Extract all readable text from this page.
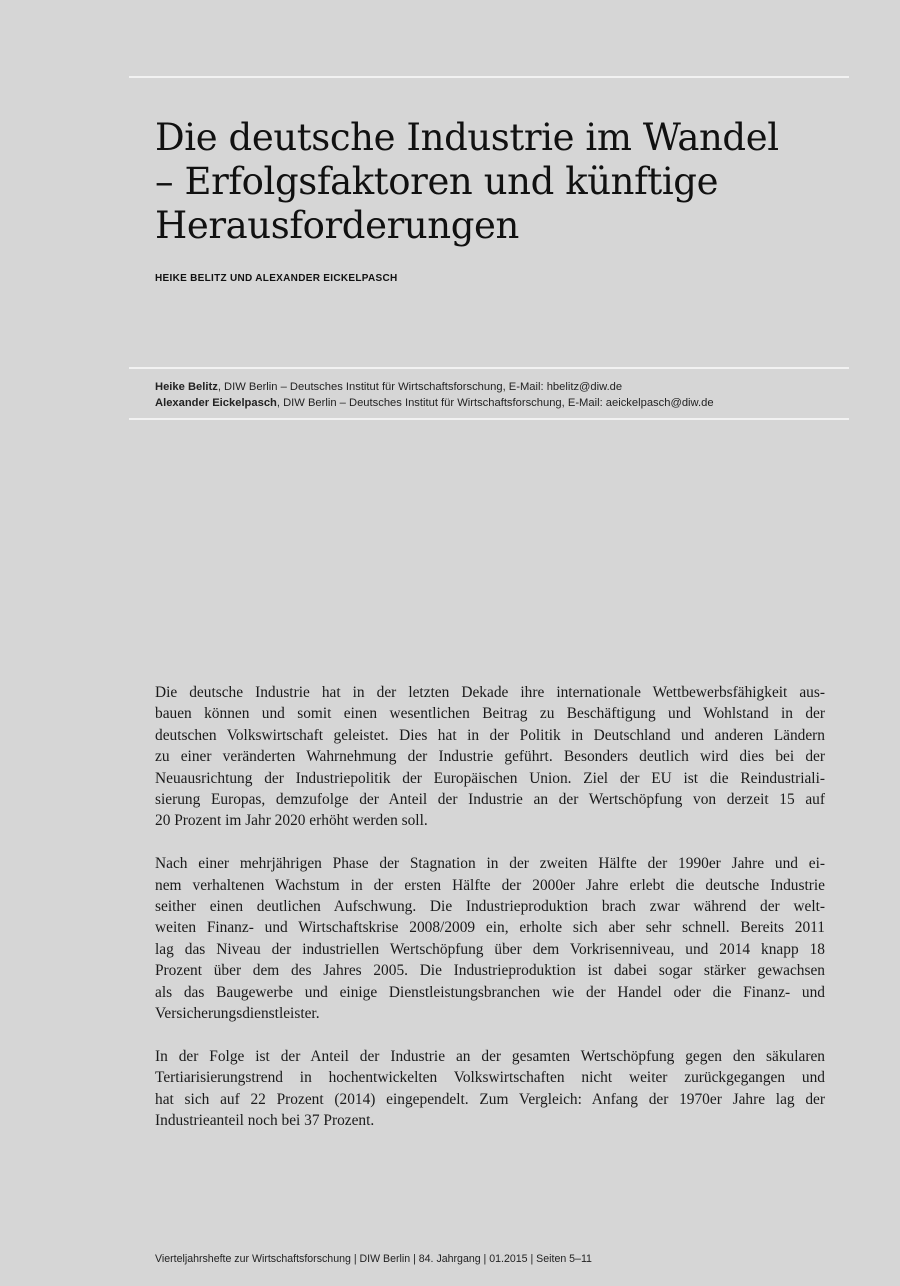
Die deutsche Industrie im Wandel
– Erfolgsfaktoren und künftige
Herausforderungen

HEIKE BELITZ UND ALEXANDER EICKELPASCH

Heike Belitz, DIW Berlin – Deutsches Institut für Wirtschaftsforschung, E-Mail: hbelitz@diw.de
Alexander Eickelpasch, DIW Berlin – Deutsches Institut für Wirtschaftsforschung, E-Mail: aeickelpasch@diw.de

Die deutsche Industrie hat in der letzten Dekade ihre internationale Wettbewerbsfähigkeit aus-
bauen können und somit einen wesentlichen Beitrag zu Beschäftigung und Wohlstand in der
deutschen Volkswirtschaft geleistet. Dies hat in der Politik in Deutschland und anderen Ländern
zu einer veränderten Wahrnehmung der Industrie geführt. Besonders deutlich wird dies bei der
Neuausrichtung der Industriepolitik der Europäischen Union. Ziel der EU ist die Reindustriali-
sierung Europas, demzufolge der Anteil der Industrie an der Wertschöpfung von derzeit 15 auf
20 Prozent im Jahr 2020 erhöht werden soll.

Nach einer mehrjährigen Phase der Stagnation in der zweiten Hälfte der 1990er Jahre und ei-
nem verhaltenen Wachstum in der ersten Hälfte der 2000er Jahre erlebt die deutsche Industrie
seither einen deutlichen Aufschwung. Die Industrieproduktion brach zwar während der welt-
weiten Finanz- und Wirtschaftskrise 2008/2009 ein, erholte sich aber sehr schnell. Bereits 2011
lag das Niveau der industriellen Wertschöpfung über dem Vorkrisenniveau, und 2014 knapp 18
Prozent über dem des Jahres 2005. Die Industrieproduktion ist dabei sogar stärker gewachsen
als das Baugewerbe und einige Dienstleistungsbranchen wie der Handel oder die Finanz- und
Versicherungsdienstleister.

In der Folge ist der Anteil der Industrie an der gesamten Wertschöpfung gegen den säkularen
Tertiarisierungstrend in hochentwickelten Volkswirtschaften nicht weiter zurückgegangen und
hat sich auf 22 Prozent (2014) eingependelt. Zum Vergleich: Anfang der 1970er Jahre lag der
Industrieanteil noch bei 37 Prozent.

Vierteljahrshefte zur Wirtschaftsforschung | DIW Berlin | 84. Jahrgang | 01.2015 | Seiten 5–11
